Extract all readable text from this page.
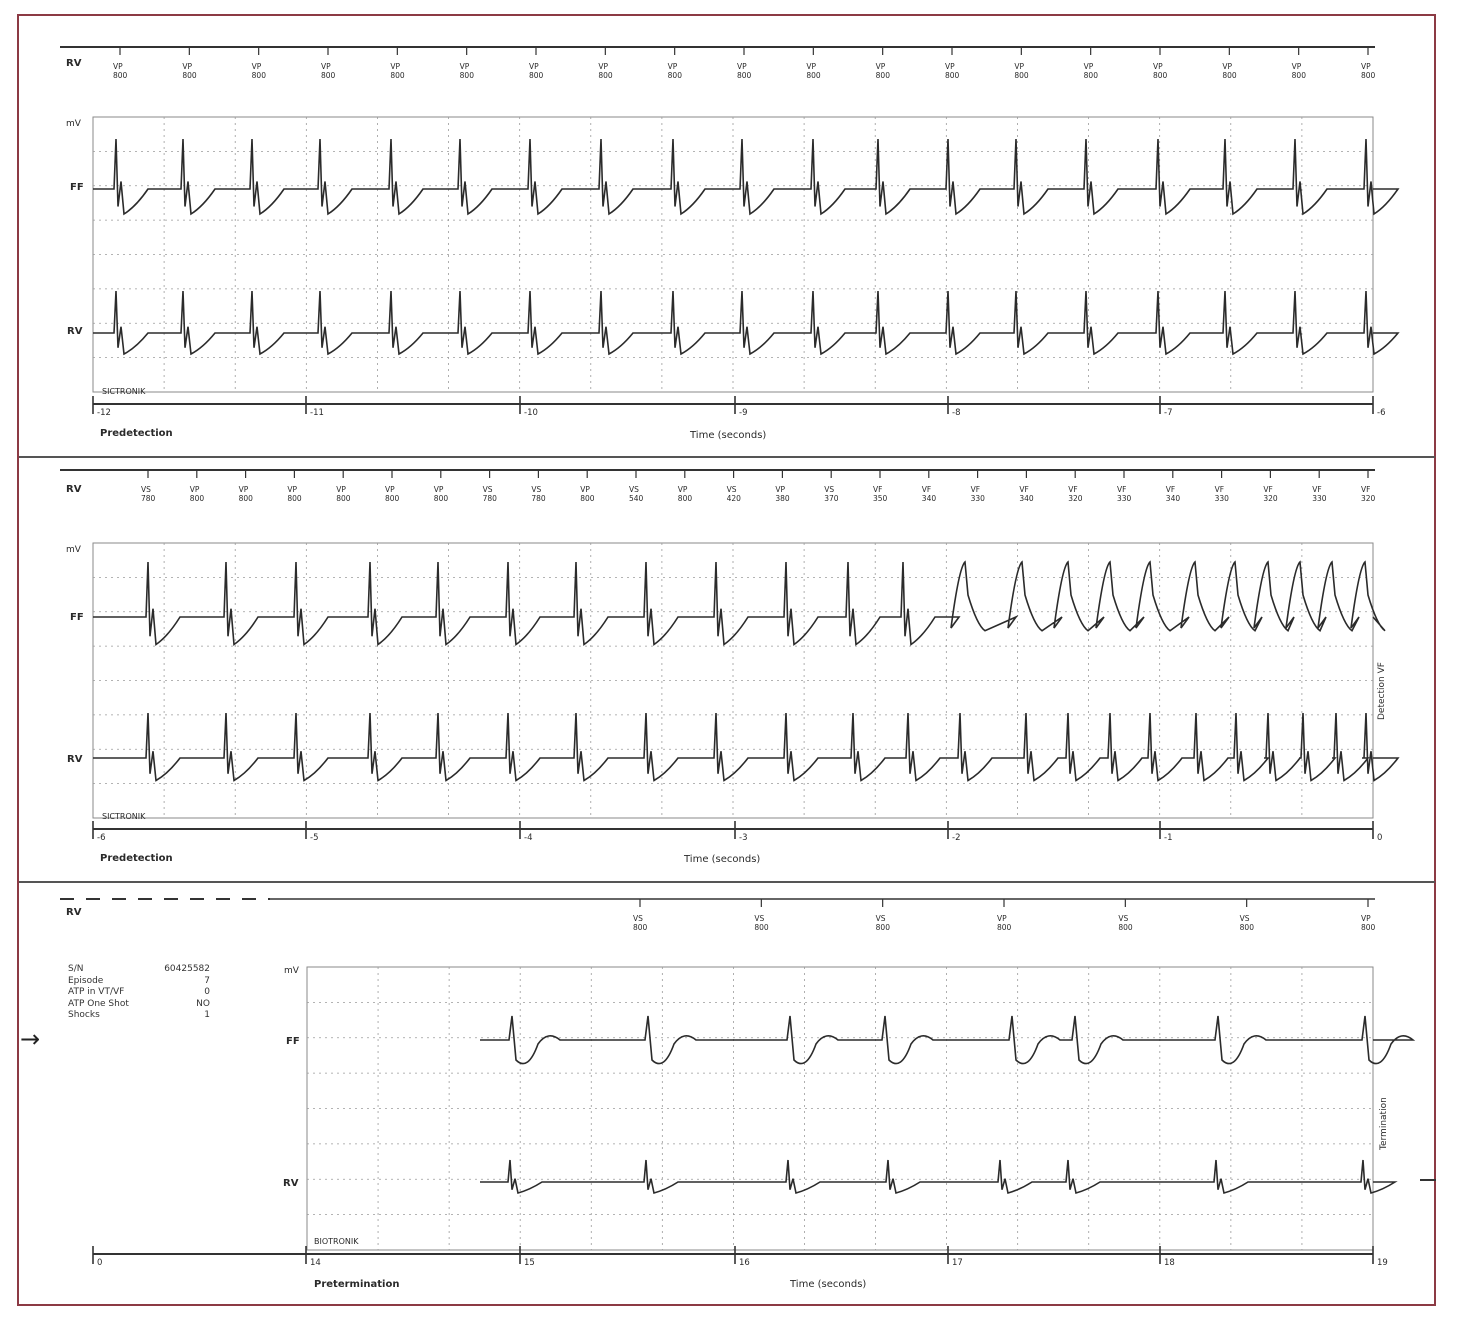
RV	VP
800
VP
800
VP
800
VP
800
VP
800
VP
800
VP
800
VP
800
VP
800
VP
800
VP
800
VP
800
VP
800
VP
800
VP
800
VP
800
VP
800
VP
800
VP
800
mV
FF
RV
SICTRONIK
-12	-11	-10	-9	-8	-7	-6
Predetection	Time (seconds)
RV	VS
780
VP
800
VP
800
VP
800
VP
800
VP
800
VP
800
VS
780
VS
780
VP
800
VS
540
VP
800
VS
420
VP
380
VS
370
VF
350
VF
340
VF
330
VF
340
VF
320
VF
330
VF
340
VF
330
VF
320
VF
330
VF
320
mV
FF
RV
SICTRONIK
-6	-5	-4	-3	-2	-1	0
Predetection	Time (seconds)
Detection VF
RV
VS
800
VS
800
VS
800
VP
800
VS
800
VS
800
VP
800
mV
FF
RV
BIOTRONIK
0	14	15	16	17	18	19
Pretermination	Time (seconds)
Termination
→
S/N	60425582
Episode	7
ATP in VT/VF	0
ATP One Shot	NO
Shocks	1
